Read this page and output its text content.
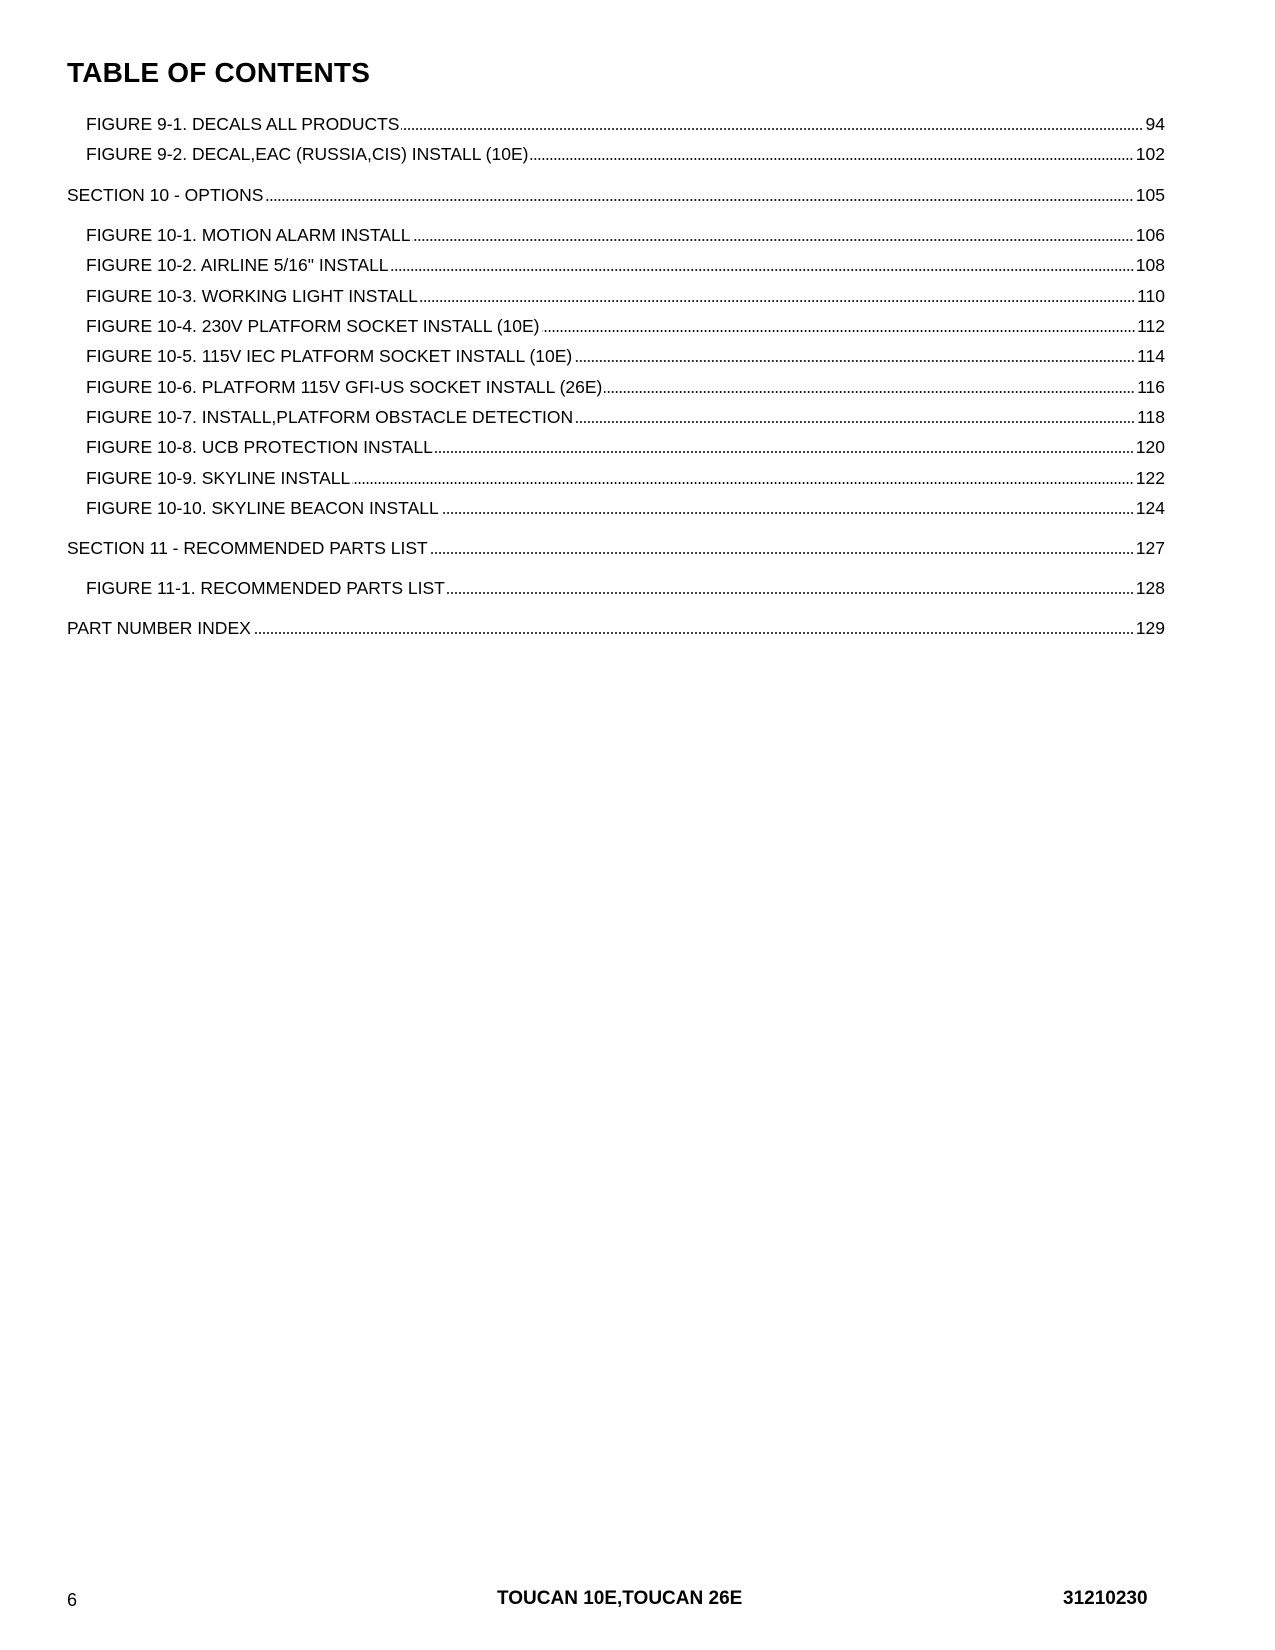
TABLE OF CONTENTS
FIGURE 9-1. DECALS ALL PRODUCTS	94
FIGURE 9-2. DECAL,EAC (RUSSIA,CIS) INSTALL (10E)	102
SECTION 10 - OPTIONS	105
FIGURE 10-1. MOTION ALARM INSTALL	106
FIGURE 10-2. AIRLINE 5/16" INSTALL	108
FIGURE 10-3. WORKING LIGHT INSTALL	110
FIGURE 10-4. 230V PLATFORM SOCKET INSTALL (10E)	112
FIGURE 10-5. 115V IEC PLATFORM SOCKET INSTALL (10E)	114
FIGURE 10-6. PLATFORM 115V GFI-US SOCKET INSTALL (26E)	116
FIGURE 10-7. INSTALL,PLATFORM OBSTACLE DETECTION	118
FIGURE 10-8. UCB PROTECTION INSTALL	120
FIGURE 10-9. SKYLINE INSTALL	122
FIGURE 10-10. SKYLINE BEACON INSTALL	124
SECTION 11 - RECOMMENDED PARTS LIST	127
FIGURE 11-1. RECOMMENDED PARTS LIST	128
PART NUMBER INDEX	129
6	TOUCAN 10E,TOUCAN 26E	31210230
